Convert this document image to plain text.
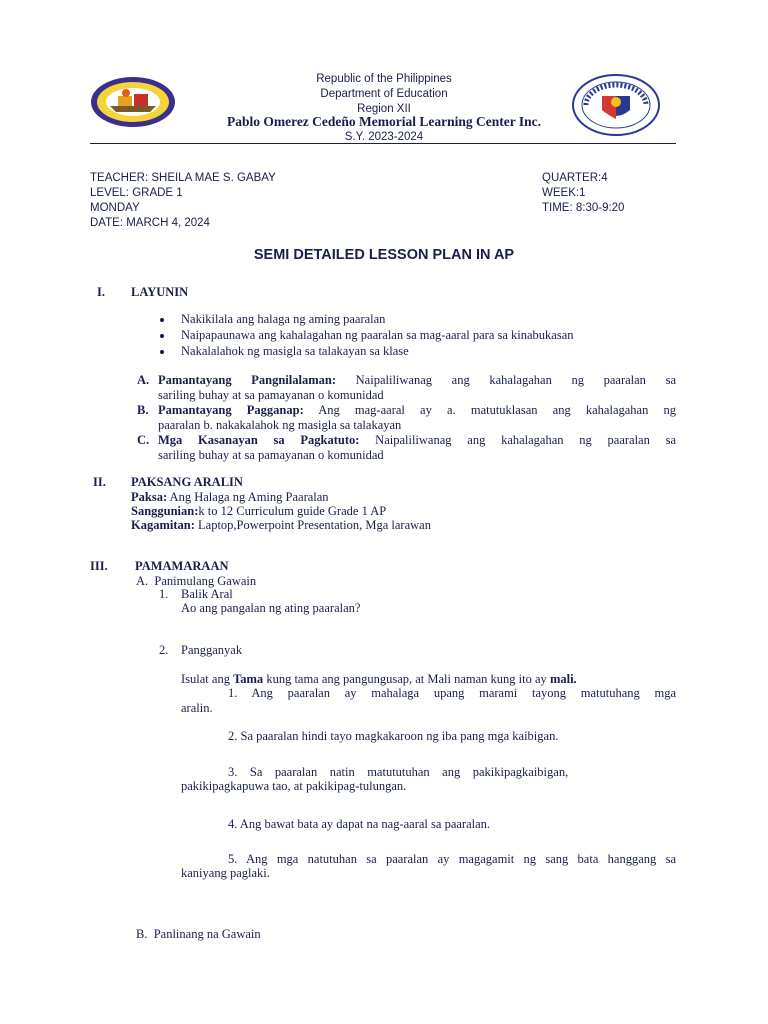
Republic of the Philippines
Department of Education
Region XII
Pablo Omerez Cedeño Memorial Learning Center Inc.
S.Y. 2023-2024
TEACHER: SHEILA MAE S. GABAY
LEVEL: GRADE 1
MONDAY
DATE: MARCH 4, 2024
QUARTER:4
WEEK:1
TIME: 8:30-9:20
SEMI DETAILED LESSON PLAN IN AP
I. LAYUNIN
Nakikilala ang halaga ng aming paaralan
Naipapaunawa ang kahalagahan ng paaralan sa mag-aaral para sa kinabukasan
Nakalalahok ng masigla sa talakayan sa klase
A. Pamantayang Pangnilalaman: Naipaliliwanag ang kahalagahan ng paaralan sa
sariling buhay at sa pamayanan o komunidad
B. Pamantayang Pagganap: Ang mag-aaral ay a. matutuklasan ang kahalagahan ng
paaralan b. nakakalahok ng masigla sa talakayan
C. Mga Kasanayan sa Pagkatuto: Naipaliliwanag ang kahalagahan ng paaralan sa
sariling buhay at sa pamayanan o komunidad
II. PAKSANG ARALIN
Paksa: Ang Halaga ng Aming Paaralan
Sanggunian:k to 12 Curriculum guide Grade 1 AP
Kagamitan: Laptop,Powerpoint Presentation, Mga larawan
III. PAMAMARAAN
A.  Panimulang Gawain
1. Balik Aral
Ao ang pangalan ng ating paaralan?
2. Pangganyak

Isulat ang Tama kung tama ang pangungusap, at Mali naman kung ito ay mali.

1. Ang paaralan ay mahalaga upang marami tayong matutuhang mga
aralin.
2. Sa paaralan hindi tayo magkakaroon ng iba pang mga kaibigan.
3.    Sa    paaralan    natin    matututuhan    ang    pakikipagkaibigan,
pakikipagkapuwa tao, at pakikipag-tulungan.
4. Ang bawat bata ay dapat na nag-aaral sa paaralan.
5. Ang mga natutuhan sa paaralan ay magagamit ng sang bata hanggang sa
kaniyang paglaki.
B.  Panlinang na Gawain
